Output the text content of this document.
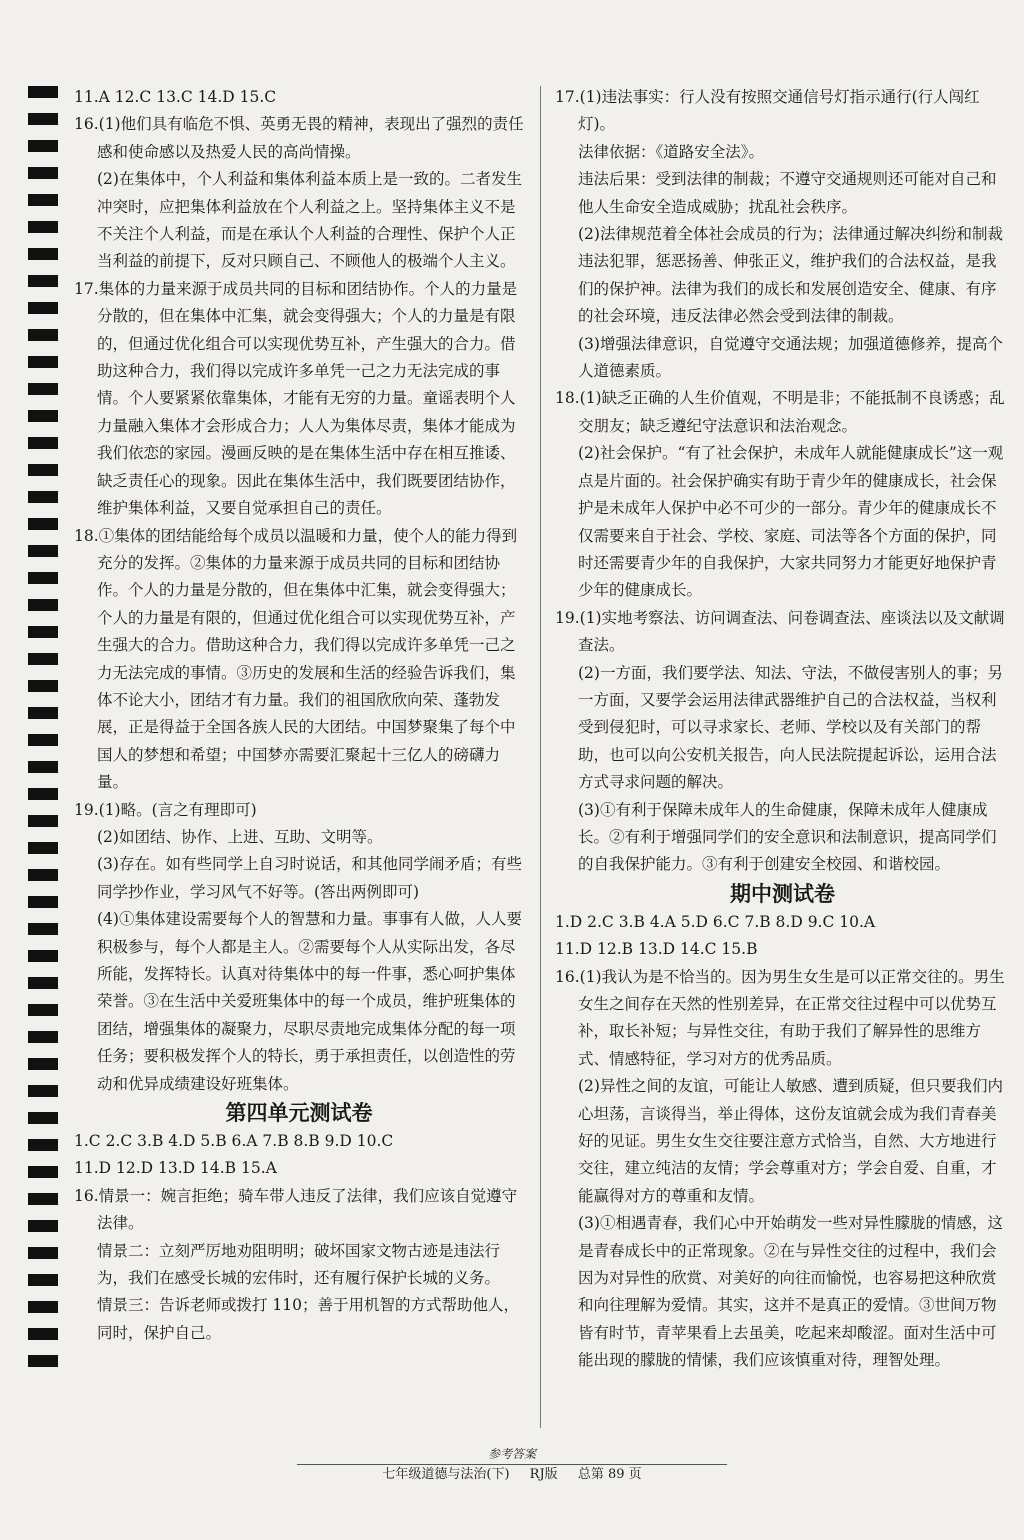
11.A 12.C 13.C 14.D 15.C

16.(1)他们具有临危不惧、英勇无畏的精神，表现出了强烈的责任感和使命感以及热爱人民的高尚情操。

(2)在集体中，个人利益和集体利益本质上是一致的。二者发生冲突时，应把集体利益放在个人利益之上。坚持集体主义不是不关注个人利益，而是在承认个人利益的合理性、保护个人正当利益的前提下，反对只顾自己、不顾他人的极端个人主义。

17.集体的力量来源于成员共同的目标和团结协作。个人的力量是分散的，但在集体中汇集，就会变得强大；个人的力量是有限的，但通过优化组合可以实现优势互补，产生强大的合力。借助这种合力，我们得以完成许多单凭一己之力无法完成的事情。个人要紧紧依靠集体，才能有无穷的力量。童谣表明个人力量融入集体才会形成合力；人人为集体尽责，集体才能成为我们依恋的家园。漫画反映的是在集体生活中存在相互推诿、缺乏责任心的现象。因此在集体生活中，我们既要团结协作，维护集体利益，又要自觉承担自己的责任。

18.①集体的团结能给每个成员以温暖和力量，使个人的能力得到充分的发挥。②集体的力量来源于成员共同的目标和团结协作。个人的力量是分散的，但在集体中汇集，就会变得强大；个人的力量是有限的，但通过优化组合可以实现优势互补，产生强大的合力。借助这种合力，我们得以完成许多单凭一己之力无法完成的事情。③历史的发展和生活的经验告诉我们，集体不论大小，团结才有力量。我们的祖国欣欣向荣、蓬勃发展，正是得益于全国各族人民的大团结。中国梦聚集了每个中国人的梦想和希望；中国梦亦需要汇聚起十三亿人的磅礴力量。

19.(1)略。(言之有理即可)

(2)如团结、协作、上进、互助、文明等。

(3)存在。如有些同学上自习时说话，和其他同学闹矛盾；有些同学抄作业，学习风气不好等。(答出两例即可)

(4)①集体建设需要每个人的智慧和力量。事事有人做，人人要积极参与，每个人都是主人。②需要每个人从实际出发，各尽所能，发挥特长。认真对待集体中的每一件事，悉心呵护集体荣誉。③在生活中关爱班集体中的每一个成员，维护班集体的团结，增强集体的凝聚力，尽职尽责地完成集体分配的每一项任务；要积极发挥个人的特长，勇于承担责任，以创造性的劳动和优异成绩建设好班集体。

第四单元测试卷

1.C 2.C 3.B 4.D 5.B 6.A 7.B 8.B 9.D 10.C

11.D 12.D 13.D 14.B 15.A

16.情景一：婉言拒绝；骑车带人违反了法律，我们应该自觉遵守法律。

情景二：立刻严厉地劝阻明明；破坏国家文物古迹是违法行为，我们在感受长城的宏伟时，还有履行保护长城的义务。

情景三：告诉老师或拨打 110；善于用机智的方式帮助他人，同时，保护自己。

17.(1)违法事实：行人没有按照交通信号灯指示通行(行人闯红灯)。

法律依据：《道路安全法》。

违法后果：受到法律的制裁；不遵守交通规则还可能对自己和他人生命安全造成威胁；扰乱社会秩序。

(2)法律规范着全体社会成员的行为；法律通过解决纠纷和制裁违法犯罪，惩恶扬善、伸张正义，维护我们的合法权益，是我们的保护神。法律为我们的成长和发展创造安全、健康、有序的社会环境，违反法律必然会受到法律的制裁。

(3)增强法律意识，自觉遵守交通法规；加强道德修养，提高个人道德素质。

18.(1)缺乏正确的人生价值观，不明是非；不能抵制不良诱惑；乱交朋友；缺乏遵纪守法意识和法治观念。

(2)社会保护。“有了社会保护，未成年人就能健康成长”这一观点是片面的。社会保护确实有助于青少年的健康成长，社会保护是未成年人保护中必不可少的一部分。青少年的健康成长不仅需要来自于社会、学校、家庭、司法等各个方面的保护，同时还需要青少年的自我保护，大家共同努力才能更好地保护青少年的健康成长。

19.(1)实地考察法、访问调查法、问卷调查法、座谈法以及文献调查法。

(2)一方面，我们要学法、知法、守法，不做侵害别人的事；另一方面，又要学会运用法律武器维护自己的合法权益，当权利受到侵犯时，可以寻求家长、老师、学校以及有关部门的帮助，也可以向公安机关报告，向人民法院提起诉讼，运用合法方式寻求问题的解决。

(3)①有利于保障未成年人的生命健康，保障未成年人健康成长。②有利于增强同学们的安全意识和法制意识，提高同学们的自我保护能力。③有利于创建安全校园、和谐校园。

期中测试卷

1.D 2.C 3.B 4.A 5.D 6.C 7.B 8.D 9.C 10.A

11.D 12.B 13.D 14.C 15.B

16.(1)我认为是不恰当的。因为男生女生是可以正常交往的。男生女生之间存在天然的性别差异，在正常交往过程中可以优势互补，取长补短；与异性交往，有助于我们了解异性的思维方式、情感特征，学习对方的优秀品质。

(2)异性之间的友谊，可能让人敏感、遭到质疑，但只要我们内心坦荡，言谈得当，举止得体，这份友谊就会成为我们青春美好的见证。男生女生交往要注意方式恰当，自然、大方地进行交往，建立纯洁的友情；学会尊重对方；学会自爱、自重，才能赢得对方的尊重和友情。

(3)①相遇青春，我们心中开始萌发一些对异性朦胧的情感，这是青春成长中的正常现象。②在与异性交往的过程中，我们会因为对异性的欣赏、对美好的向往而愉悦，也容易把这种欣赏和向往理解为爱情。其实，这并不是真正的爱情。③世间万物皆有时节，青苹果看上去虽美，吃起来却酸涩。面对生活中可能出现的朦胧的情愫，我们应该慎重对待，理智处理。

参考答案
七年级道德与法治(下) RJ版 总第 89 页
